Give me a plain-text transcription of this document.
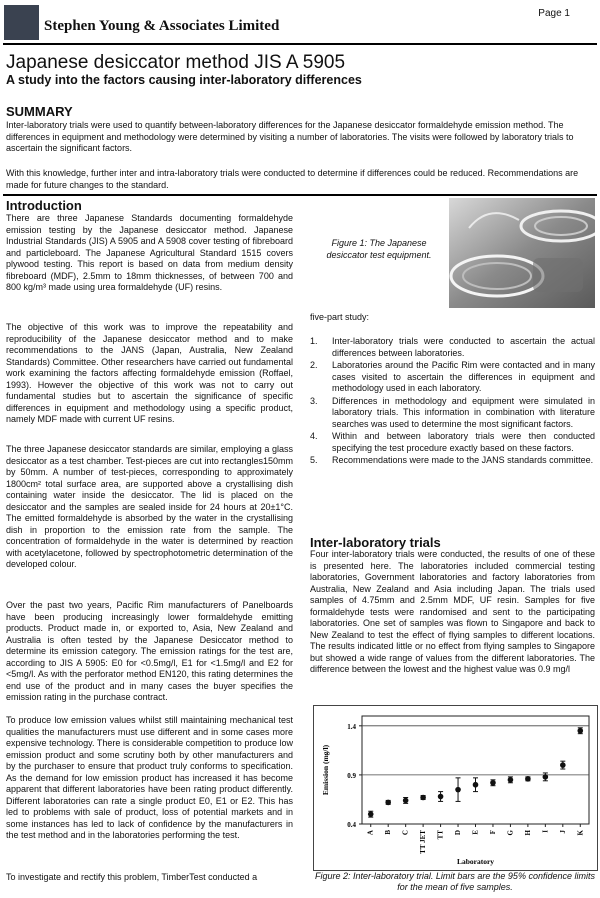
Stephen Young & Associates Limited
Page 1
Japanese desiccator method JIS A 5905
A study into the factors causing inter-laboratory differences
SUMMARY
Inter-laboratory trials were used to quantify between-laboratory differences for the Japanese desiccator formaldehyde emission method. The differences in equipment and methodology were determined by visiting a number of laboratories. The visits were followed by laboratory trials to ascertain the significant factors.
With this knowledge, further inter and intra-laboratory trials were conducted to determine if differences could be reduced. Recommendations are made for future changes to the standard.
Introduction
There are three Japanese Standards documenting formaldehyde emission testing by the Japanese desiccator method. Japanese Industrial Standards (JIS) A 5905 and A 5908 cover testing of fibreboard and particleboard. The Japanese Agricultural Standard 1515 covers plywood testing. This report is based on data from medium density fibreboard (MDF), 2.5mm to 18mm thicknesses, of between 700 and 800 kg/m³ made using urea formaldehyde (UF) resins.
The objective of this work was to improve the repeatability and reproducibility of the Japanese desiccator method and to make recommendations to the JANS (Japan, Australia, New Zealand Standards) Committee. Other researchers have carried out fundamental work examining the factors affecting formaldehyde emission (Roffael, 1993). However the objective of this work was not to carry out fundamental studies but to ascertain the significance of specific differences in equipment and methodology using a specific product, namely MDF made with current UF resins.
The three Japanese desiccator standards are similar, employing a glass desiccator as a test chamber. Test-pieces are cut into rectangles150mm by 50mm. A number of test-pieces, corresponding to approximately 1800cm² total surface area, are supported above a crystallising dish containing water inside the desiccator. The lid is placed on the desiccator and the samples are sealed inside for 24 hours at 20±1°C. The emitted formaldehyde is absorbed by the water in the crystallising dish in proportion to the emission rate from the sample. The concentration of formaldehyde in the water is determined by reaction with acetylacetone, followed by spectrophotometric determination of the developed colour.
Over the past two years, Pacific Rim manufacturers of Panelboards have been producing increasingly lower formaldehyde emitting products. Product made in, or exported to, Asia, New Zealand and Australia is often tested by the Japanese Desiccator method to determine its emission category. The emission ratings for the test are, according to JIS A 5905: E0 for <0.5mg/l, E1 for <1.5mg/l and E2 for <5mg/l. As with the perforator method EN120, this rating determines the end use of the product and in many cases the buyer specifies the emission rating in the purchase contract.
To produce low emission values whilst still maintaining mechanical test qualities the manufacturers must use different and in some cases more expensive technology. There is considerable competition to produce low emission product and some scrutiny both by other manufacturers and by the purchaser to ensure that product truly conforms to specification. As the demand for low emission product has increased it has become apparent that different laboratories have been rating product differently. Different laboratories can rate a single product E0, E1 or E2. This has led to problems with sale of product, loss of potential markets and in some instances has led to lack of confidence by the manufacturers in the test method and in the laboratories performing the test.
To investigate and rectify this problem, TimberTest conducted a
Figure 1: The Japanese desiccator test equipment.
five-part study:
1. Inter-laboratory trials were conducted to ascertain the actual differences between laboratories.
2. Laboratories around the Pacific Rim were contacted and in many cases visited to ascertain the differences in equipment and methodology used in each laboratory.
3. Differences in methodology and equipment were simulated in laboratory trials. This information in combination with literature searches was used to determine the most significant factors.
4. Within and between laboratory trials were then conducted specifying the test procedure exactly based on these factors.
5. Recommendations were made to the JANS standards committee.
Inter-laboratory trials
Four inter-laboratory trials were conducted, the results of one of these is presented here. The laboratories included commercial testing laboratories, Government laboratories and factory laboratories from Australia, New Zealand and Asia including Japan. The trials used samples of 4.75mm and 2.5mm MDF, UF resin. Samples for five formaldehyde tests were randomised and sent to the participating laboratories. One set of samples was flown to Singapore and back to New Zealand to test the effect of flying samples to different locations. The results indicated little or no effect from flying samples to Singapore but showed a wide range of values from the different laboratories. The difference between the lowest and the highest value was 0.9 mg/l
0.4
0.9
1.4
Emission (mg/l)
A B C TT JET TT D E F G H I J K
Laboratory
Figure 2: Inter-laboratory trial. Limit bars are the 95% confidence limits for the mean of five samples.
